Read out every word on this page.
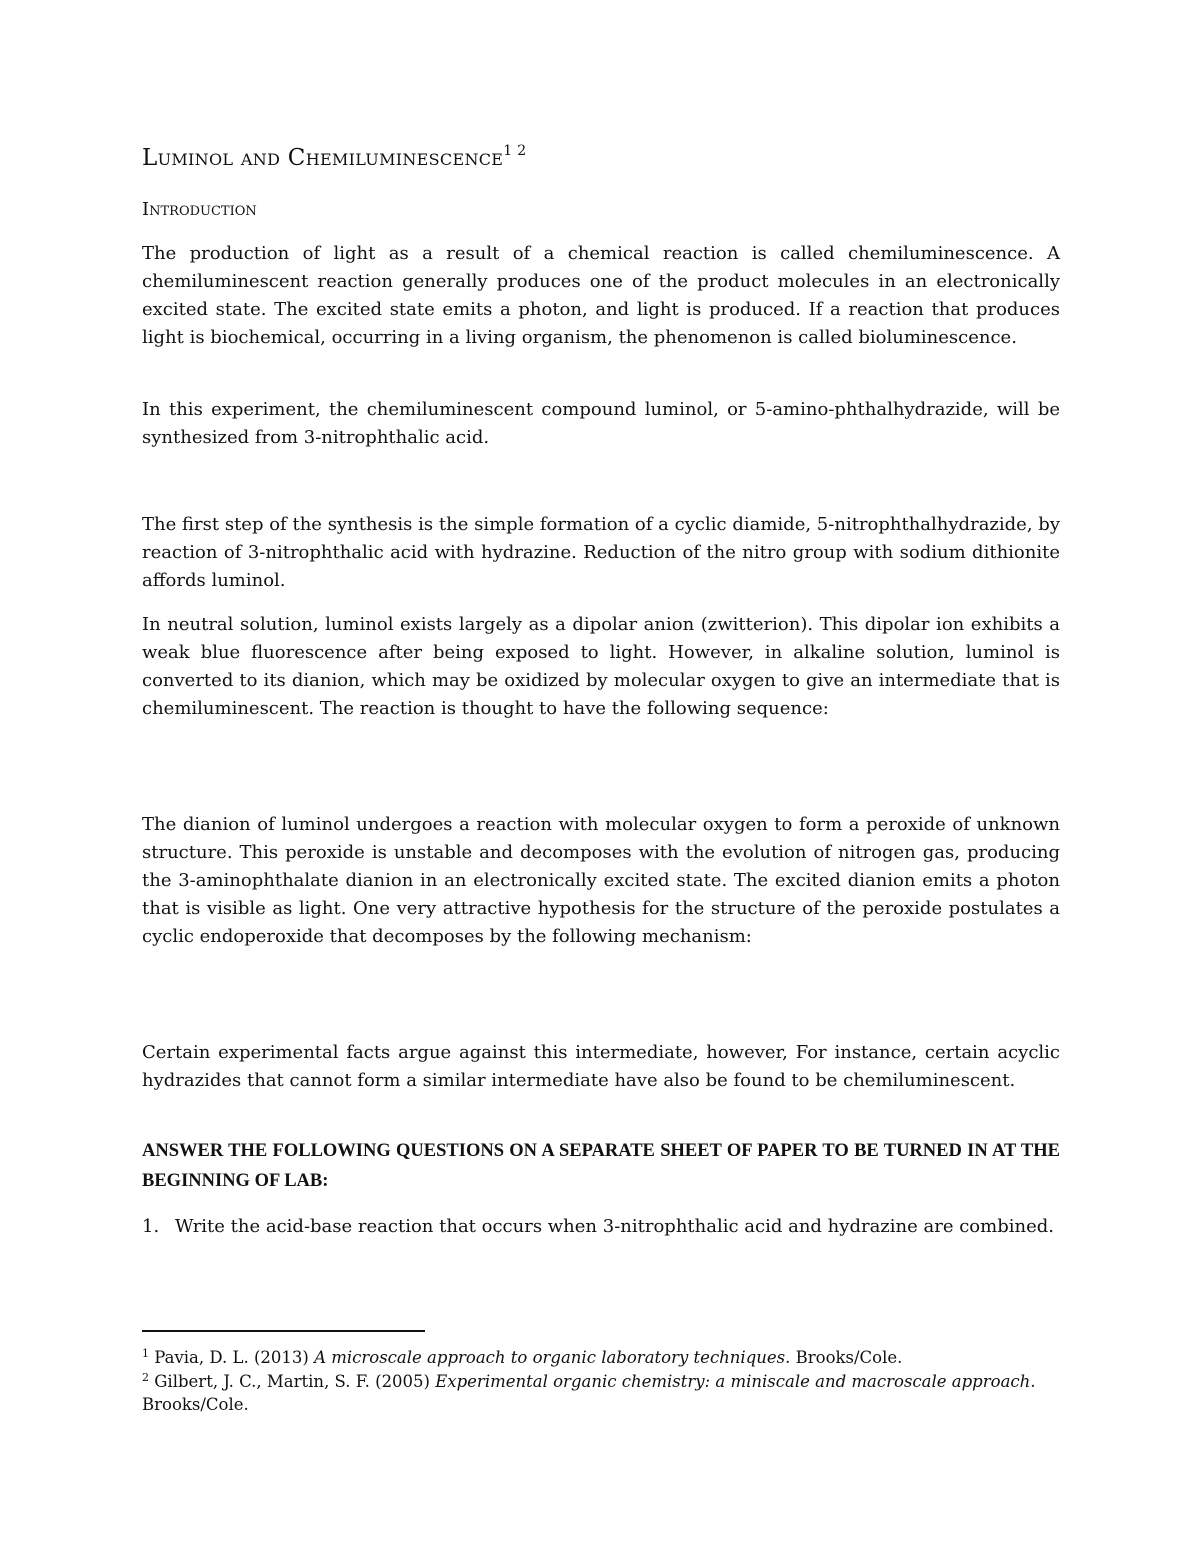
Luminol and Chemiluminescence$^{1 2}$
Introduction

The production of light as a result of a chemical reaction is called chemiluminescence. A chemiluminescent reaction generally produces one of the product molecules in an electronically excited state. The excited state emits a photon, and light is produced. If a reaction that produces light is biochemical, occurring in a living organism, the phenomenon is called bioluminescence.

In this experiment, the chemiluminescent compound luminol, or 5-amino-phthalhydrazide, will be synthesized from 3-nitrophthalic acid.

The first step of the synthesis is the simple formation of a cyclic diamide, 5-nitrophthalhydrazide, by reaction of 3-nitrophthalic acid with hydrazine. Reduction of the nitro group with sodium dithionite affords luminol.

In neutral solution, luminol exists largely as a dipolar anion (zwitterion). This dipolar ion exhibits a weak blue fluorescence after being exposed to light. However, in alkaline solution, luminol is converted to its dianion, which may be oxidized by molecular oxygen to give an intermediate that is chemiluminescent. The reaction is thought to have the following sequence:

The dianion of luminol undergoes a reaction with molecular oxygen to form a peroxide of unknown structure. This peroxide is unstable and decomposes with the evolution of nitrogen gas, producing the 3-aminophthalate dianion in an electronically excited state. The excited dianion emits a photon that is visible as light. One very attractive hypothesis for the structure of the peroxide postulates a cyclic endoperoxide that decomposes by the following mechanism:

Certain experimental facts argue against this intermediate, however, For instance, certain acyclic hydrazides that cannot form a similar intermediate have also be found to be chemiluminescent.

ANSWER THE FOLLOWING QUESTIONS ON A SEPARATE SHEET OF PAPER TO BE TURNED IN AT THE BEGINNING OF LAB:
1. Write the acid-base reaction that occurs when 3-nitrophthalic acid and hydrazine are combined.
$^1$ Pavia, D. L. (2013) A microscale approach to organic laboratory techniques. Brooks/Cole.
$^2$ Gilbert, J. C., Martin, S. F. (2005) Experimental organic chemistry: a miniscale and macroscale approach. Brooks/Cole.
